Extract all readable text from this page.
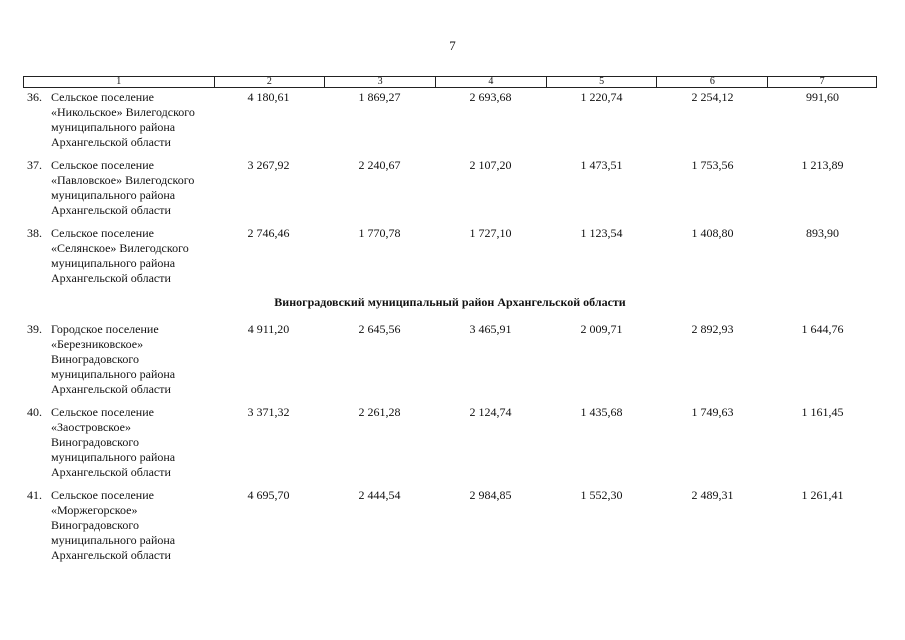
7
1	2	3	4	5	6	7
36. Сельское поселение
«Никольское» Вилегодского
муниципального района
Архангельской области
4 180,61	1 869,27	2 693,68	1 220,74	2 254,12	991,60
37. Сельское поселение
«Павловское» Вилегодского
муниципального района
Архангельской области
3 267,92	2 240,67	2 107,20	1 473,51	1 753,56	1 213,89
38. Сельское поселение
«Селянское» Вилегодского
муниципального района
Архангельской области
2 746,46	1 770,78	1 727,10	1 123,54	1 408,80	893,90
Виноградовский муниципальный район Архангельской области
39. Городское поселение
«Березниковское»
Виноградовского
муниципального района
Архангельской области
4 911,20	2 645,56	3 465,91	2 009,71	2 892,93	1 644,76
40. Сельское поселение
«Заостровское»
Виноградовского
муниципального района
Архангельской области
3 371,32	2 261,28	2 124,74	1 435,68	1 749,63	1 161,45
41. Сельское поселение
«Моржегорское»
Виноградовского
муниципального района
Архангельской области
4 695,70	2 444,54	2 984,85	1 552,30	2 489,31	1 261,41
